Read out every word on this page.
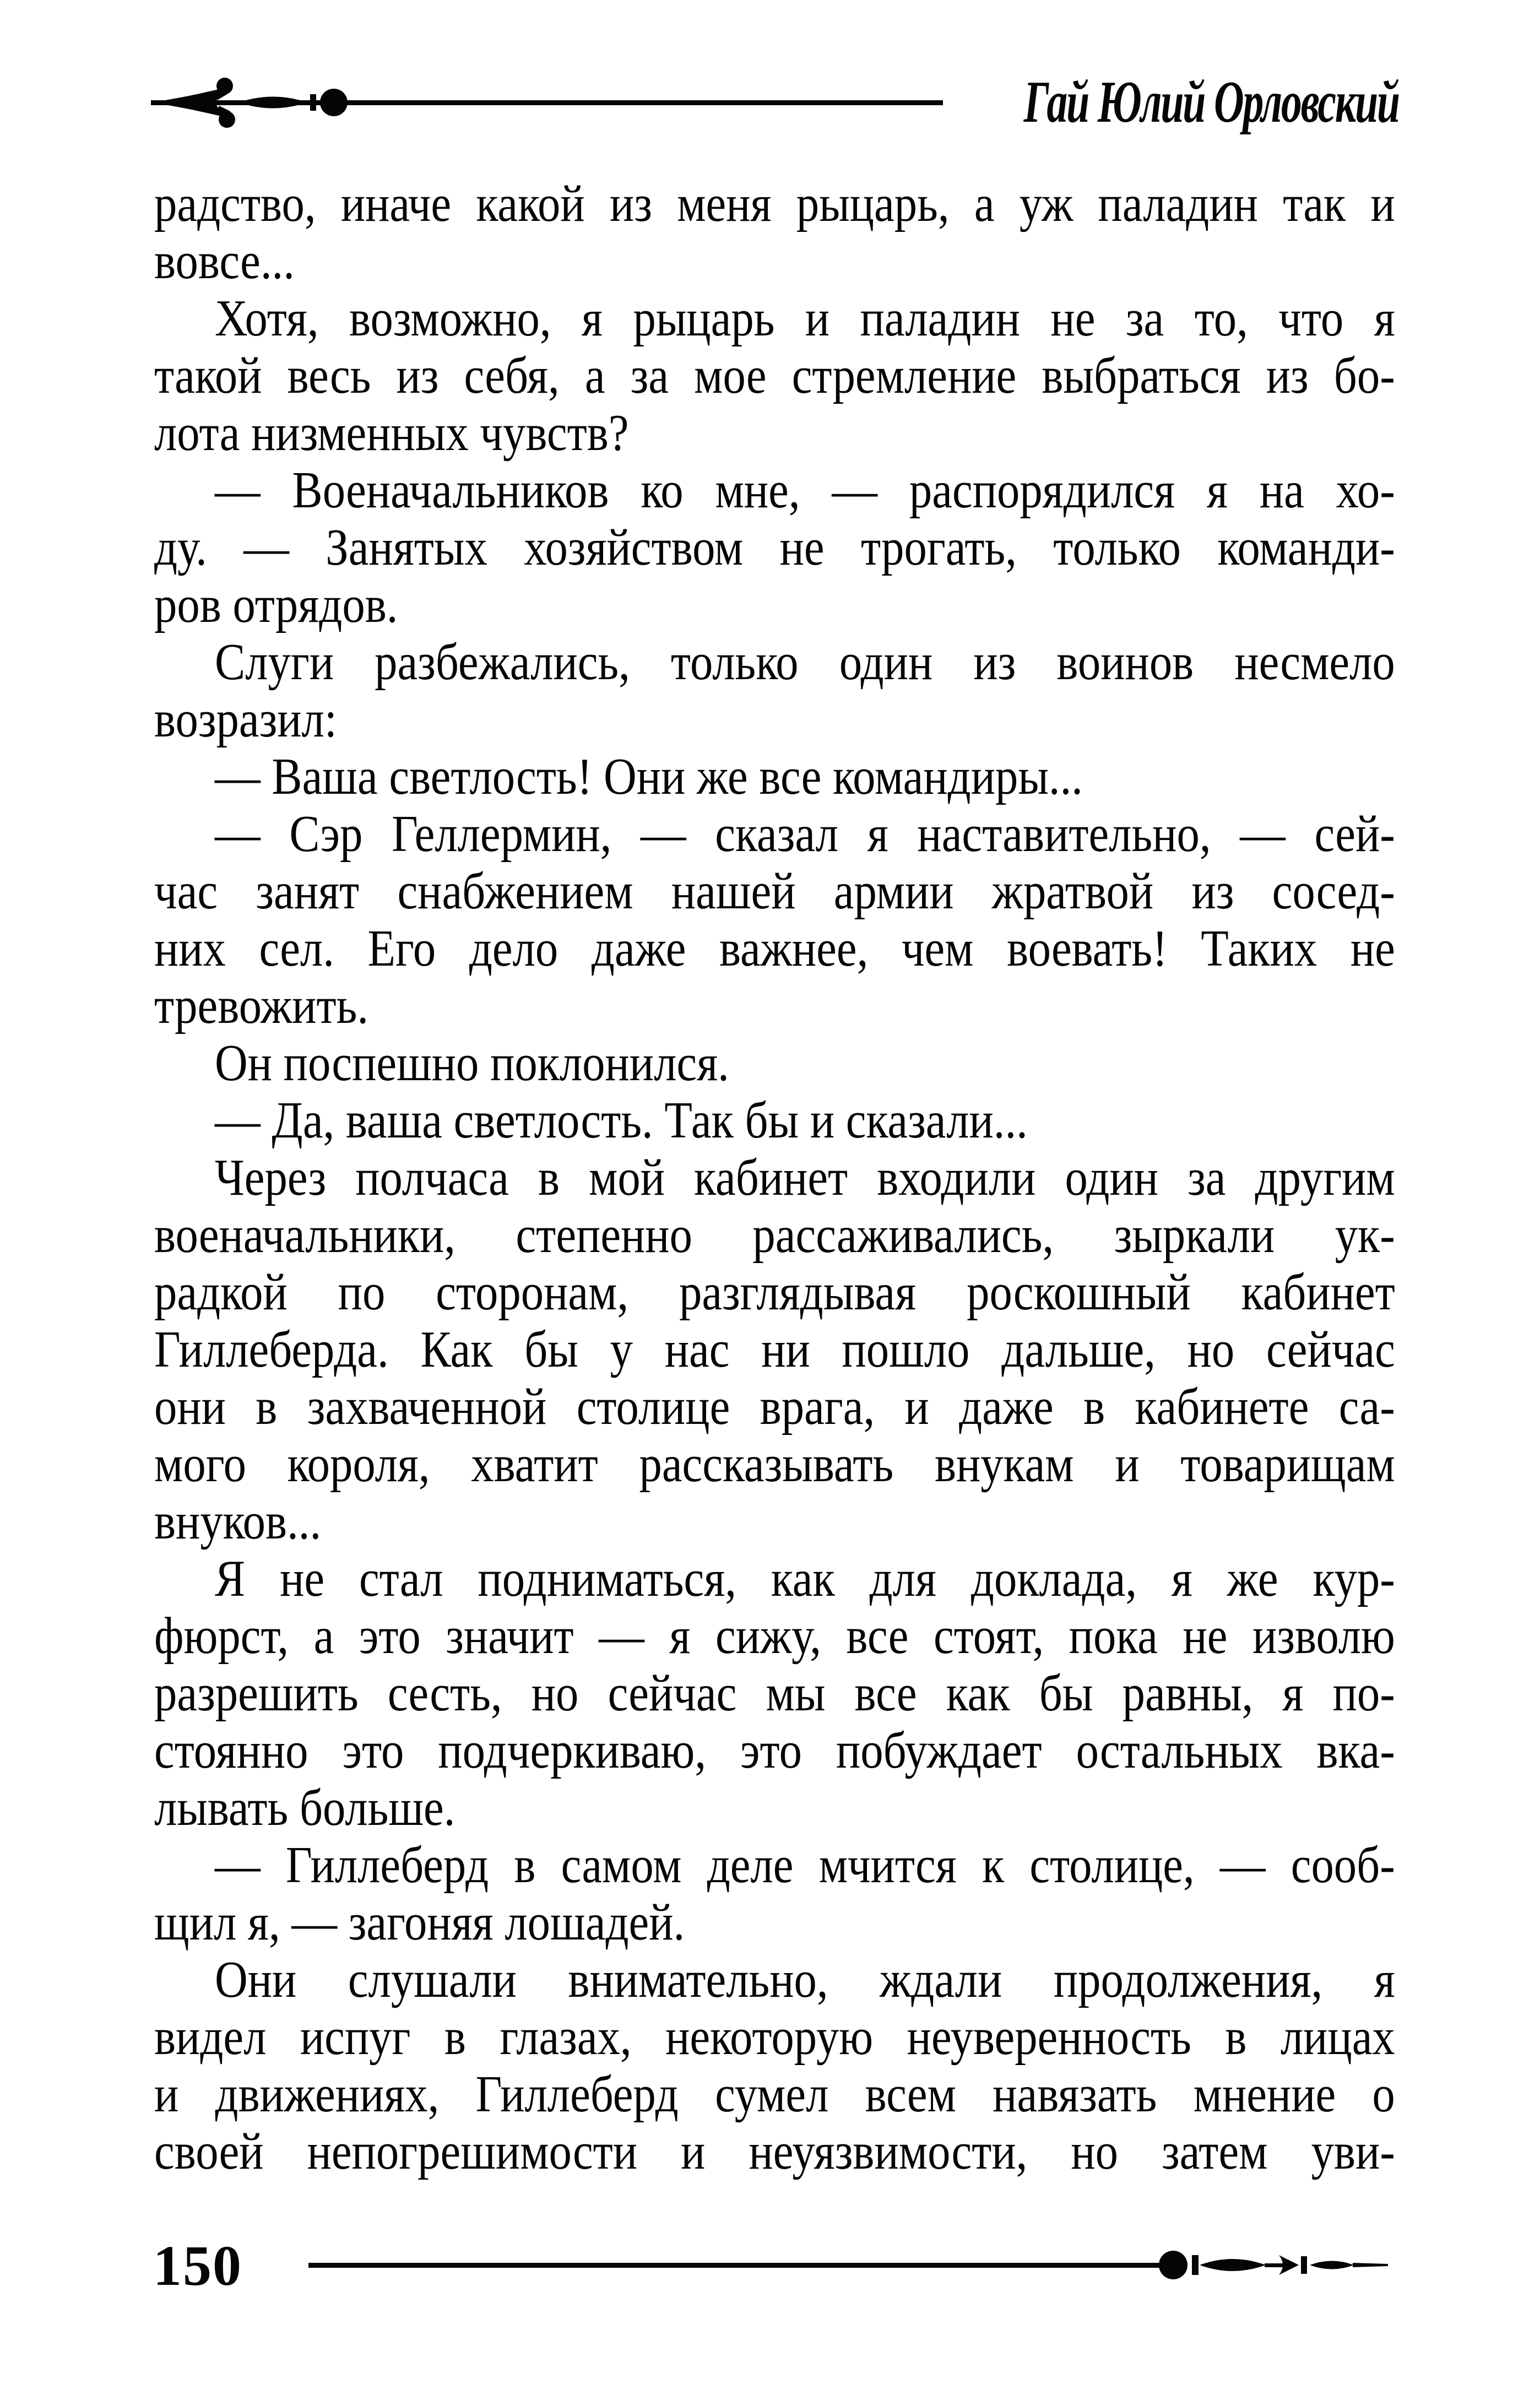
Гай Юлий Орловский
радство, иначе какой из меня рыцарь, а уж паладин так и
вовсе...
Хотя, возможно, я рыцарь и паладин не за то, что я
такой весь из себя, а за мое стремление выбраться из бо-
лота низменных чувств?
— Военачальников ко мне, — распорядился я на хо-
ду. — Занятых хозяйством не трогать, только команди-
ров отрядов.
Слуги разбежались, только один из воинов несмело
возразил:
— Ваша светлость! Они же все командиры...
— Сэр Геллермин, — сказал я наставительно, — сей-
час занят снабжением нашей армии жратвой из сосед-
них сел. Его дело даже важнее, чем воевать! Таких не
тревожить.
Он поспешно поклонился.
— Да, ваша светлость. Так бы и сказали...
Через полчаса в мой кабинет входили один за другим
военачальники, степенно рассаживались, зыркали ук-
радкой по сторонам, разглядывая роскошный кабинет
Гиллеберда. Как бы у нас ни пошло дальше, но сейчас
они в захваченной столице врага, и даже в кабинете са-
мого короля, хватит рассказывать внукам и товарищам
внуков...
Я не стал подниматься, как для доклада, я же кур-
фюрст, а это значит — я сижу, все стоят, пока не изволю
разрешить сесть, но сейчас мы все как бы равны, я по-
стоянно это подчеркиваю, это побуждает остальных вка-
лывать больше.
— Гиллеберд в самом деле мчится к столице, — сооб-
щил я, — загоняя лошадей.
Они слушали внимательно, ждали продолжения, я
видел испуг в глазах, некоторую неуверенность в лицах
и движениях, Гиллеберд сумел всем навязать мнение о
своей непогрешимости и неуязвимости, но затем уви-
150
